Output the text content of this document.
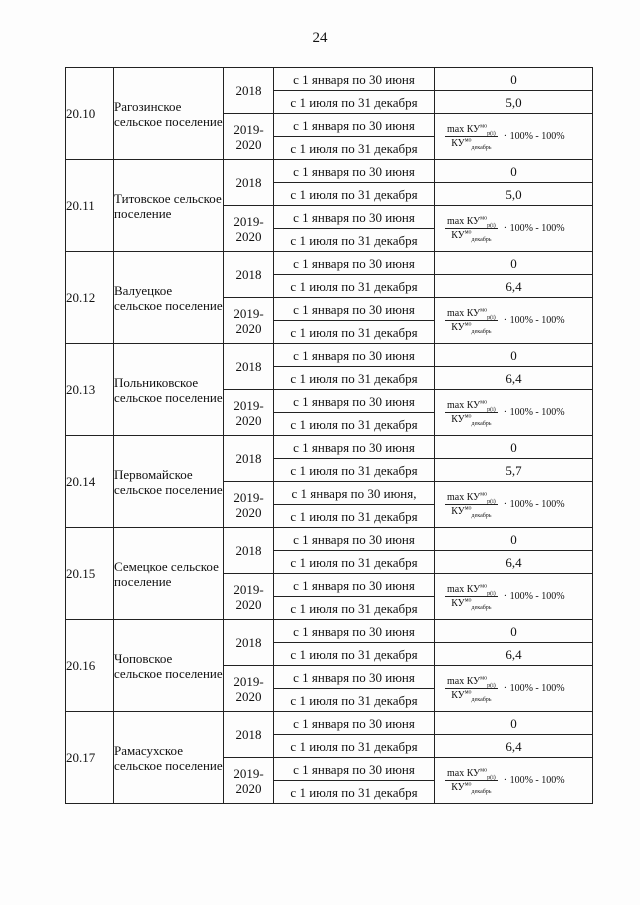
24
20.10	Рагозинское сельское поселение	2018	с 1 января по 30 июня	0
			с 1 июля по 31 декабря	5,0
		2019-2020	с 1 января по 30 июня	$\frac{\max КУ^{мо}_{р(i)}}{КУ^{мо}_{декабрь}} \cdot 100\% - 100\%$

			с 1 июля по 31 декабря	
20.11	Титовское сельское поселение	2018	с 1 января по 30 июня	0
			с 1 июля по 31 декабря	5,0
		2019-2020	с 1 января по 30 июня	$\frac{\max КУ^{мо}_{р(i)}}{КУ^{мо}_{декабрь}} \cdot 100\% - 100\%$

			с 1 июля по 31 декабря	
20.12	Валуецкое сельское поселение	2018	с 1 января по 30 июня	0
			с 1 июля по 31 декабря	6,4
		2019-2020	с 1 января по 30 июня	$\frac{\max КУ^{мо}_{р(i)}}{КУ^{мо}_{декабрь}} \cdot 100\% - 100\%$

			с 1 июля по 31 декабря	
20.13	Польниковское сельское поселение	2018	с 1 января по 30 июня	0
			с 1 июля по 31 декабря	6,4
		2019-2020	с 1 января по 30 июня	$\frac{\max КУ^{мо}_{р(i)}}{КУ^{мо}_{декабрь}} \cdot 100\% - 100\%$

			с 1 июля по 31 декабря	
20.14	Первомайское сельское поселение	2018	с 1 января по 30 июня	0
			с 1 июля по 31 декабря	5,7
		2019-2020	с 1 января по 30 июня,	$\frac{\max КУ^{мо}_{р(i)}}{КУ^{мо}_{декабрь}} \cdot 100\% - 100\%$

			с 1 июля по 31 декабря	
20.15	Семецкое сельское поселение	2018	с 1 января по 30 июня	0
			с 1 июля по 31 декабря	6,4
		2019-2020	с 1 января по 30 июня	$\frac{\max КУ^{мо}_{р(i)}}{КУ^{мо}_{декабрь}} \cdot 100\% - 100\%$

			с 1 июля по 31 декабря	
20.16	Чоповское сельское поселение	2018	с 1 января по 30 июня	0
			с 1 июля по 31 декабря	6,4
		2019-2020	с 1 января по 30 июня	$\frac{\max КУ^{мо}_{р(i)}}{КУ^{мо}_{декабрь}} \cdot 100\% - 100\%$

			с 1 июля по 31 декабря	
20.17	Рамасухское сельское поселение	2018	с 1 января по 30 июня	0
			с 1 июля по 31 декабря	6,4
		2019-2020	с 1 января по 30 июня	$\frac{\max КУ^{мо}_{р(i)}}{КУ^{мо}_{декабрь}} \cdot 100\% - 100\%$

			с 1 июля по 31 декабря	
